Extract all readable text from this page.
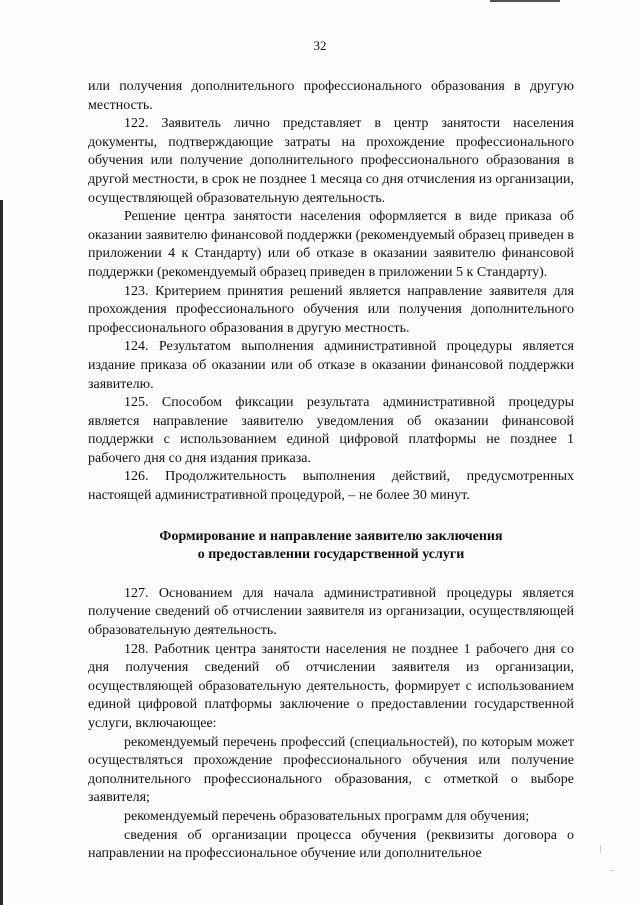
32

или получения дополнительного профессионального образования в другую местность.

122. Заявитель лично представляет в центр занятости населения документы, подтверждающие затраты на прохождение профессионального обучения или получение дополнительного профессионального образования в другой местности, в срок не позднее 1 месяца со дня отчисления из организации, осуществляющей образовательную деятельность.

Решение центра занятости населения оформляется в виде приказа об оказании заявителю финансовой поддержки (рекомендуемый образец приведен в приложении 4 к Стандарту) или об отказе в оказании заявителю финансовой поддержки (рекомендуемый образец приведен в приложении 5 к Стандарту).

123. Критерием принятия решений является направление заявителя для прохождения профессионального обучения или получения дополнительного профессионального образования в другую местность.

124. Результатом выполнения административной процедуры является издание приказа об оказании или об отказе в оказании финансовой поддержки заявителю.

125. Способом фиксации результата административной процедуры является направление заявителю уведомления об оказании финансовой поддержки с использованием единой цифровой платформы не позднее 1 рабочего дня со дня издания приказа.

126. Продолжительность выполнения действий, предусмотренных настоящей административной процедурой, – не более 30 минут.

Формирование и направление заявителю заключения
о предоставлении государственной услуги

127. Основанием для начала административной процедуры является получение сведений об отчислении заявителя из организации, осуществляющей образовательную деятельность.

128. Работник центра занятости населения не позднее 1 рабочего дня со дня получения сведений об отчислении заявителя из организации, осуществляющей образовательную деятельность, формирует с использованием единой цифровой платформы заключение о предоставлении государственной услуги, включающее:

рекомендуемый перечень профессий (специальностей), по которым может осуществляться прохождение профессионального обучения или получение дополнительного профессионального образования, с отметкой о выборе заявителя;

рекомендуемый перечень образовательных программ для обучения;

сведения об организации процесса обучения (реквизиты договора о направлении на профессиональное обучение или дополнительное
